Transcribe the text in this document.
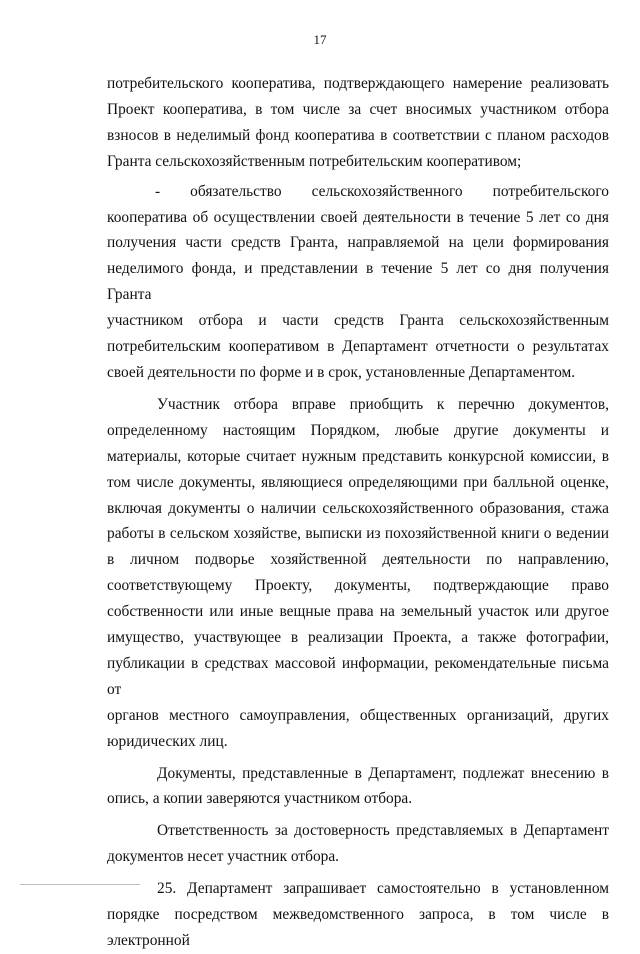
17

потребительского кооператива, подтверждающего намерение реализовать
Проект кооператива, в том числе за счет вносимых участником отбора
взносов в неделимый фонд кооператива в соответствии с планом расходов
Гранта сельскохозяйственным потребительским кооперативом;

- обязательство сельскохозяйственного потребительского
кооператива об осуществлении своей деятельности в течение 5 лет со дня
получения части средств Гранта, направляемой на цели формирования
неделимого фонда, и представлении в течение 5 лет со дня получения Гранта
участником отбора и части средств Гранта сельскохозяйственным
потребительским кооперативом в Департамент отчетности о результатах
своей деятельности по форме и в срок, установленные Департаментом.

Участник отбора вправе приобщить к перечню документов,
определенному настоящим Порядком, любые другие документы и
материалы, которые считает нужным представить конкурсной комиссии, в
том числе документы, являющиеся определяющими при балльной оценке,
включая документы о наличии сельскохозяйственного образования, стажа
работы в сельском хозяйстве, выписки из похозяйственной книги о ведении
в личном подворье хозяйственной деятельности по направлению,
соответствующему Проекту, документы, подтверждающие право
собственности или иные вещные права на земельный участок или другое
имущество, участвующее в реализации Проекта, а также фотографии,
публикации в средствах массовой информации, рекомендательные письма от
органов местного самоуправления, общественных организаций, других
юридических лиц.

Документы, представленные в Департамент, подлежат внесению в
опись, а копии заверяются участником отбора.

Ответственность за достоверность представляемых в Департамент
документов несет участник отбора.

25. Департамент запрашивает самостоятельно в установленном
порядке посредством межведомственного запроса, в том числе в электронной
